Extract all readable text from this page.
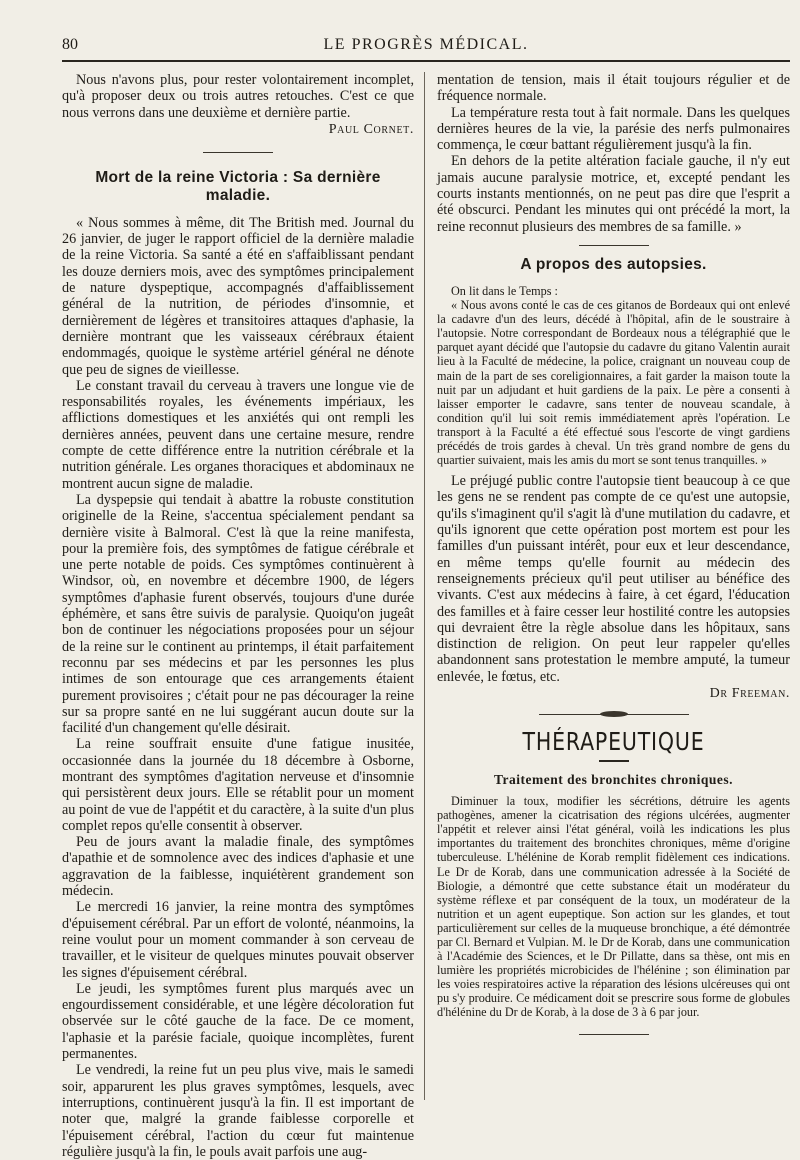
80	LE PROGRÈS MÉDICAL.

Nous n'avons plus, pour rester volontairement incomplet, qu'à proposer deux ou trois autres retouches. C'est ce que nous verrons dans une deuxième et dernière partie.

Paul Cornet.
Mort de la reine Victoria : Sa dernière maladie.

« Nous sommes à même, dit The British med. Journal du 26 janvier, de juger le rapport officiel de la dernière maladie de la reine Victoria. Sa santé a été en s'affaiblissant pendant les douze derniers mois, avec des symptômes principalement de nature dyspeptique, accompagnés d'affaiblissement général de la nutrition, de périodes d'insomnie, et dernièrement de légères et transitoires attaques d'aphasie, la dernière montrant que les vaisseaux cérébraux étaient endommagés, quoique le système artériel général ne dénote que peu de signes de vieillesse.

Le constant travail du cerveau à travers une longue vie de responsabilités royales, les événements impériaux, les afflictions domestiques et les anxiétés qui ont rempli les dernières années, peuvent dans une certaine mesure, rendre compte de cette différence entre la nutrition cérébrale et la nutrition générale. Les organes thoraciques et abdominaux ne montrent aucun signe de maladie.

La dyspepsie qui tendait à abattre la robuste constitution originelle de la Reine, s'accentua spécialement pendant sa dernière visite à Balmoral. C'est là que la reine manifesta, pour la première fois, des symptômes de fatigue cérébrale et une perte notable de poids. Ces symptômes continuèrent à Windsor, où, en novembre et décembre 1900, de légers symptômes d'aphasie furent observés, toujours d'une durée éphémère, et sans être suivis de paralysie. Quoiqu'on jugeât bon de continuer les négociations proposées pour un séjour de la reine sur le continent au printemps, il était parfaitement reconnu par ses médecins et par les personnes les plus intimes de son entourage que ces arrangements étaient purement provisoires ; c'était pour ne pas décourager la reine sur sa propre santé en ne lui suggérant aucun doute sur la facilité d'un changement qu'elle désirait.

La reine souffrait ensuite d'une fatigue inusitée, occasionnée dans la journée du 18 décembre à Osborne, montrant des symptômes d'agitation nerveuse et d'insomnie qui persistèrent deux jours. Elle se rétablit pour un moment au point de vue de l'appétit et du caractère, à la suite d'un plus complet repos qu'elle consentit à observer.

Peu de jours avant la maladie finale, des symptômes d'apathie et de somnolence avec des indices d'aphasie et une aggravation de la faiblesse, inquiétèrent grandement son médecin.

Le mercredi 16 janvier, la reine montra des symptômes d'épuisement cérébral. Par un effort de volonté, néanmoins, la reine voulut pour un moment commander à son cerveau de travailler, et le visiteur de quelques minutes pouvait observer les signes d'épuisement cérébral.

Le jeudi, les symptômes furent plus marqués avec un engourdissement considérable, et une légère décoloration fut observée sur le côté gauche de la face. De ce moment, l'aphasie et la parésie faciale, quoique incomplètes, furent permanentes.

Le vendredi, la reine fut un peu plus vive, mais le samedi soir, apparurent les plus graves symptômes, lesquels, avec interruptions, continuèrent jusqu'à la fin. Il est important de noter que, malgré la grande faiblesse corporelle et l'épuisement cérébral, l'action du cœur fut maintenue régulière jusqu'à la fin, le pouls avait parfois une aug-

mentation de tension, mais il était toujours régulier et de fréquence normale.

La température resta tout à fait normale. Dans les quelques dernières heures de la vie, la parésie des nerfs pulmonaires commença, le cœur battant régulièrement jusqu'à la fin.

En dehors de la petite altération faciale gauche, il n'y eut jamais aucune paralysie motrice, et, excepté pendant les courts instants mentionnés, on ne peut pas dire que l'esprit a été obscurci. Pendant les minutes qui ont précédé la mort, la reine reconnut plusieurs des membres de sa famille. »

A propos des autopsies.

On lit dans le Temps :

« Nous avons conté le cas de ces gitanos de Bordeaux qui ont enlevé la cadavre d'un des leurs, décédé à l'hôpital, afin de le soustraire à l'autopsie. Notre correspondant de Bordeaux nous a télégraphié que le parquet ayant décidé que l'autopsie du cadavre du gitano Valentin aurait lieu à la Faculté de médecine, la police, craignant un nouveau coup de main de la part de ses coreligionnaires, a fait garder la maison toute la nuit par un adjudant et huit gardiens de la paix. Le père a consenti à laisser emporter le cadavre, sans tenter de nouveau scandale, à condition qu'il lui soit remis immédiatement après l'opération. Le transport à la Faculté a été effectué sous l'escorte de vingt gardiens précédés de trois gardes à cheval. Un très grand nombre de gens du quartier suivaient, mais les amis du mort se sont tenus tranquilles. »

Le préjugé public contre l'autopsie tient beaucoup à ce que les gens ne se rendent pas compte de ce qu'est une autopsie, qu'ils s'imaginent qu'il s'agit là d'une mutilation du cadavre, et qu'ils ignorent que cette opération post mortem est pour les familles d'un puissant intérêt, pour eux et leur descendance, en même temps qu'elle fournit au médecin des renseignements précieux qu'il peut utiliser au bénéfice des vivants. C'est aux médecins à faire, à cet égard, l'éducation des familles et à faire cesser leur hostilité contre les autopsies qui devraient être la règle absolue dans les hôpitaux, sans distinction de religion. On peut leur rappeler qu'elles abandonnent sans protestation le membre amputé, la tumeur enlevée, le fœtus, etc.

Dr Freeman.
THÉRAPEUTIQUE
Traitement des bronchites chroniques.

Diminuer la toux, modifier les sécrétions, détruire les agents pathogènes, amener la cicatrisation des régions ulcérées, augmenter l'appétit et relever ainsi l'état général, voilà les indications les plus importantes du traitement des bronchites chroniques, même d'origine tuberculeuse. L'hélénine de Korab remplit fidèlement ces indications. Le Dr de Korab, dans une communication adressée à la Société de Biologie, a démontré que cette substance était un modérateur du système réflexe et par conséquent de la toux, un modérateur de la nutrition et un agent eupeptique. Son action sur les glandes, et tout particulièrement sur celles de la muqueuse bronchique, a été démontrée par Cl. Bernard et Vulpian. M. le Dr de Korab, dans une communication à l'Académie des Sciences, et le Dr Pillatte, dans sa thèse, ont mis en lumière les propriétés microbicides de l'hélénine ; son élimination par les voies respiratoires active la réparation des lésions ulcéreuses qui ont pu s'y produire. Ce médicament doit se prescrire sous forme de globules d'hélénine du Dr de Korab, à la dose de 3 à 6 par jour.
